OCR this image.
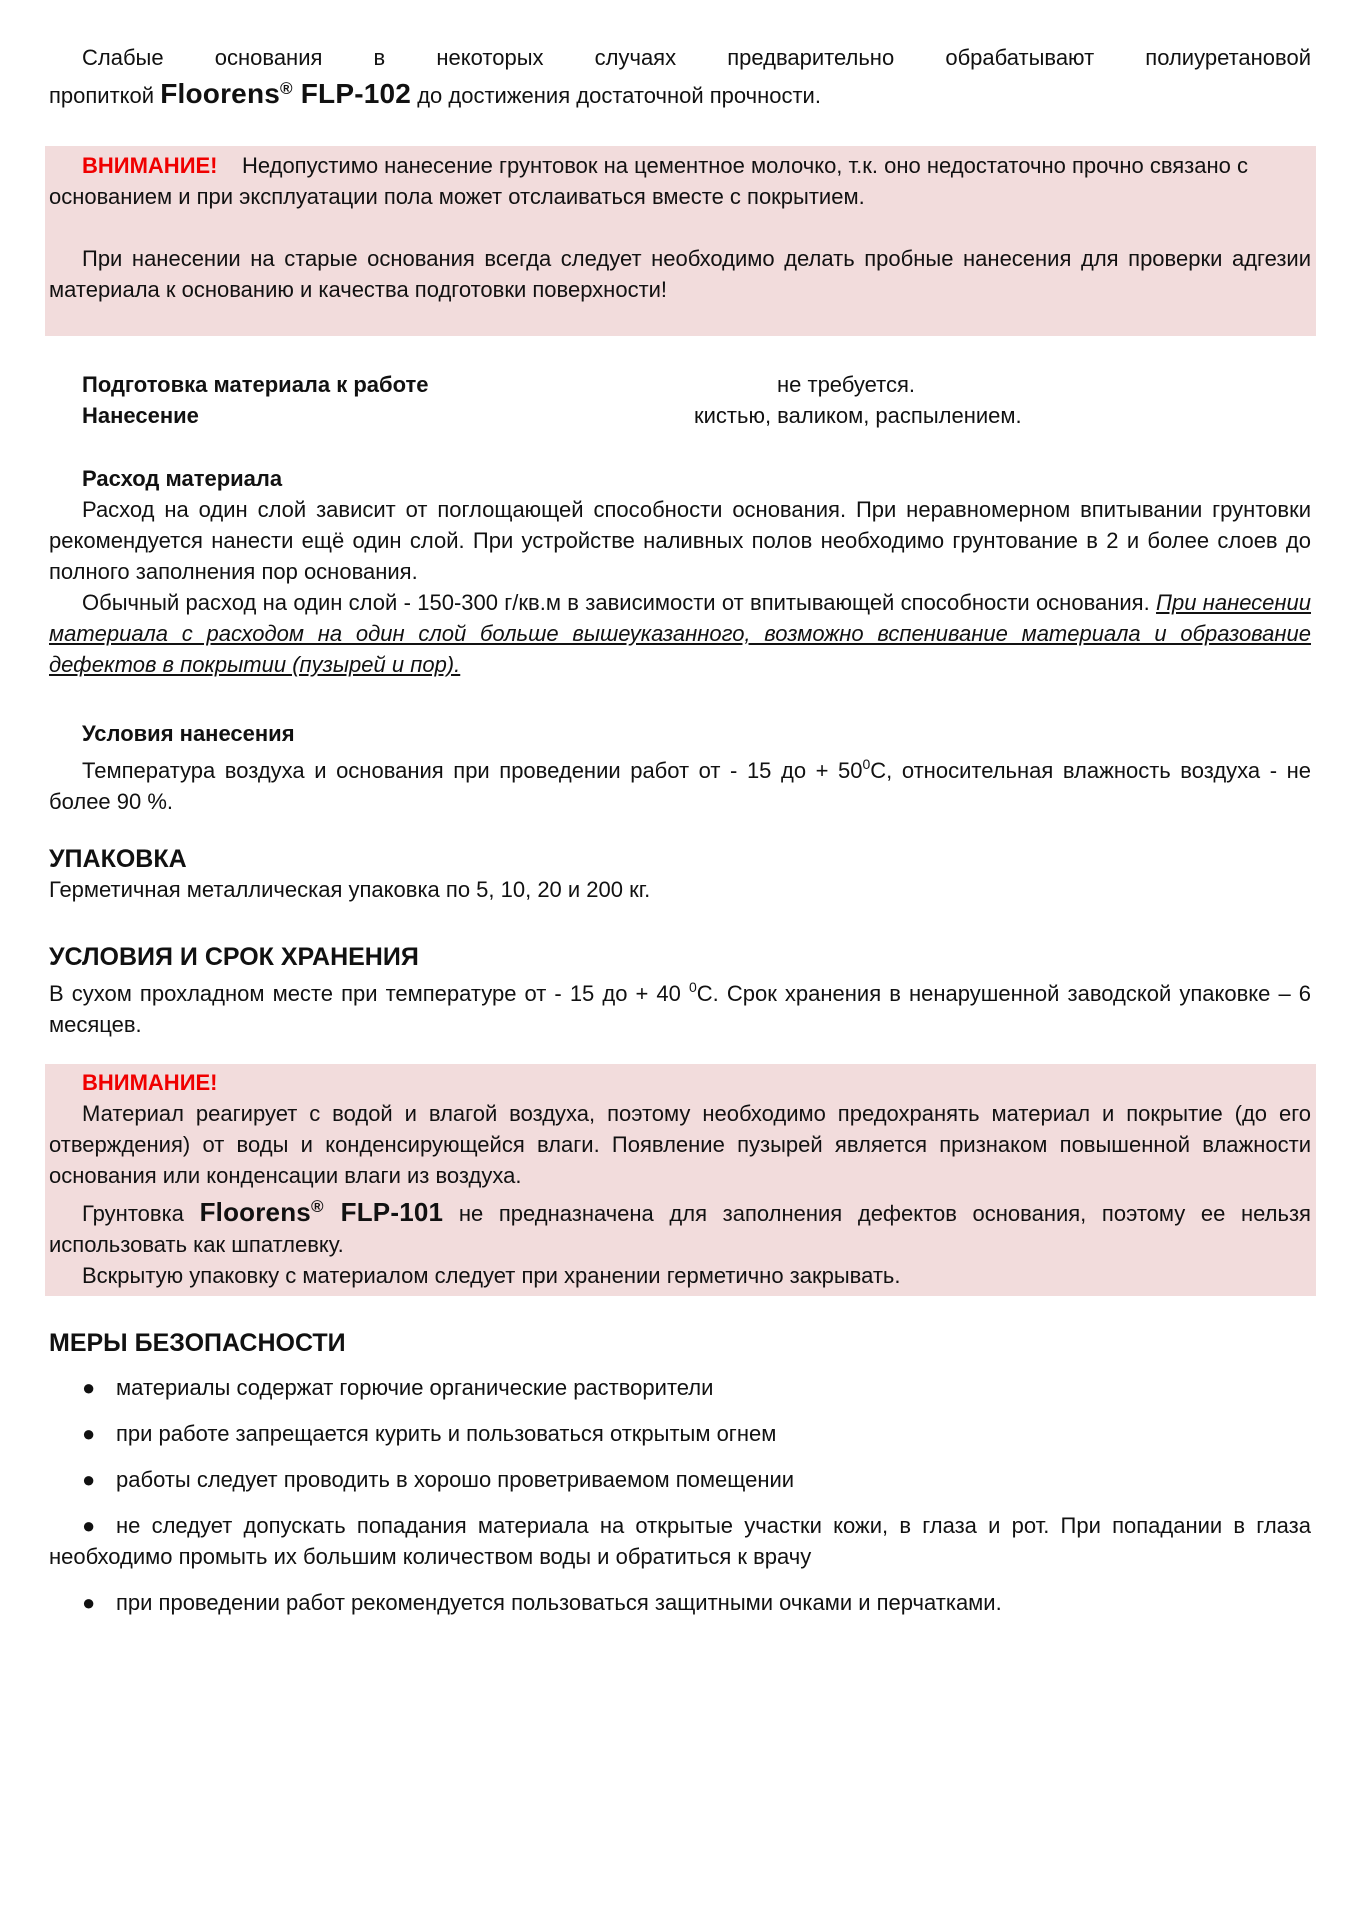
Слабые основания в некоторых случаях предварительно обрабатывают полиуретановой

пропиткой Floorens® FLP-102 до достижения достаточной прочности.

ВНИМАНИЕ! Недопустимо нанесение грунтовок на цементное молочко, т.к. оно недостаточно прочно связано с основанием и при эксплуатации пола может отслаиваться вместе с покрытием.

При нанесении на старые основания всегда следует необходимо делать пробные нанесения для проверки адгезии материала к основанию и качества подготовки поверхности!

Подготовка материала к работе	не требуется.
Нанесение	кистью, валиком, распылением.

Расход материала

Расход на один слой зависит от поглощающей способности основания. При неравномерном впитывании грунтовки рекомендуется нанести ещё один слой. При устройстве наливных полов необходимо грунтование в 2 и более слоев до полного заполнения пор основания.

Обычный расход на один слой - 150-300 г/кв.м в зависимости от впитывающей способности основания. При нанесении материала с расходом на один слой больше вышеуказанного, возможно вспенивание материала и образование дефектов в покрытии (пузырей и пор).

Условия нанесения

Температура воздуха и основания при проведении работ от - 15 до + $50^0С$, относительная влажность воздуха - не более 90 %.

УПАКОВКА

Герметичная металлическая упаковка по 5, 10, 20 и 200 кг.

УСЛОВИЯ И СРОК ХРАНЕНИЯ

В сухом прохладном месте при температуре от - 15 до + 40 $^0$С. Срок хранения в ненарушенной заводской упаковке – 6 месяцев.

ВНИМАНИЕ!

Материал реагирует с водой и влагой воздуха, поэтому необходимо предохранять материал и покрытие (до его отверждения) от воды и конденсирующейся влаги. Появление пузырей является признаком повышенной влажности основания или конденсации влаги из воздуха.

Грунтовка Floorens® FLP-101 не предназначена для заполнения дефектов основания, поэтому ее нельзя использовать как шпатлевку.

Вскрытую упаковку с материалом следует при хранении герметично закрывать.

МЕРЫ БЕЗОПАСНОСТИ

● материалы содержат горючие органические растворители

● при работе запрещается курить и пользоваться открытым огнем

● работы следует проводить в хорошо проветриваемом помещении

● не следует допускать попадания материала на открытые участки кожи, в глаза и рот. При попадании в глаза необходимо промыть их большим количеством воды и обратиться к врачу

● при проведении работ рекомендуется пользоваться защитными очками и перчатками.
